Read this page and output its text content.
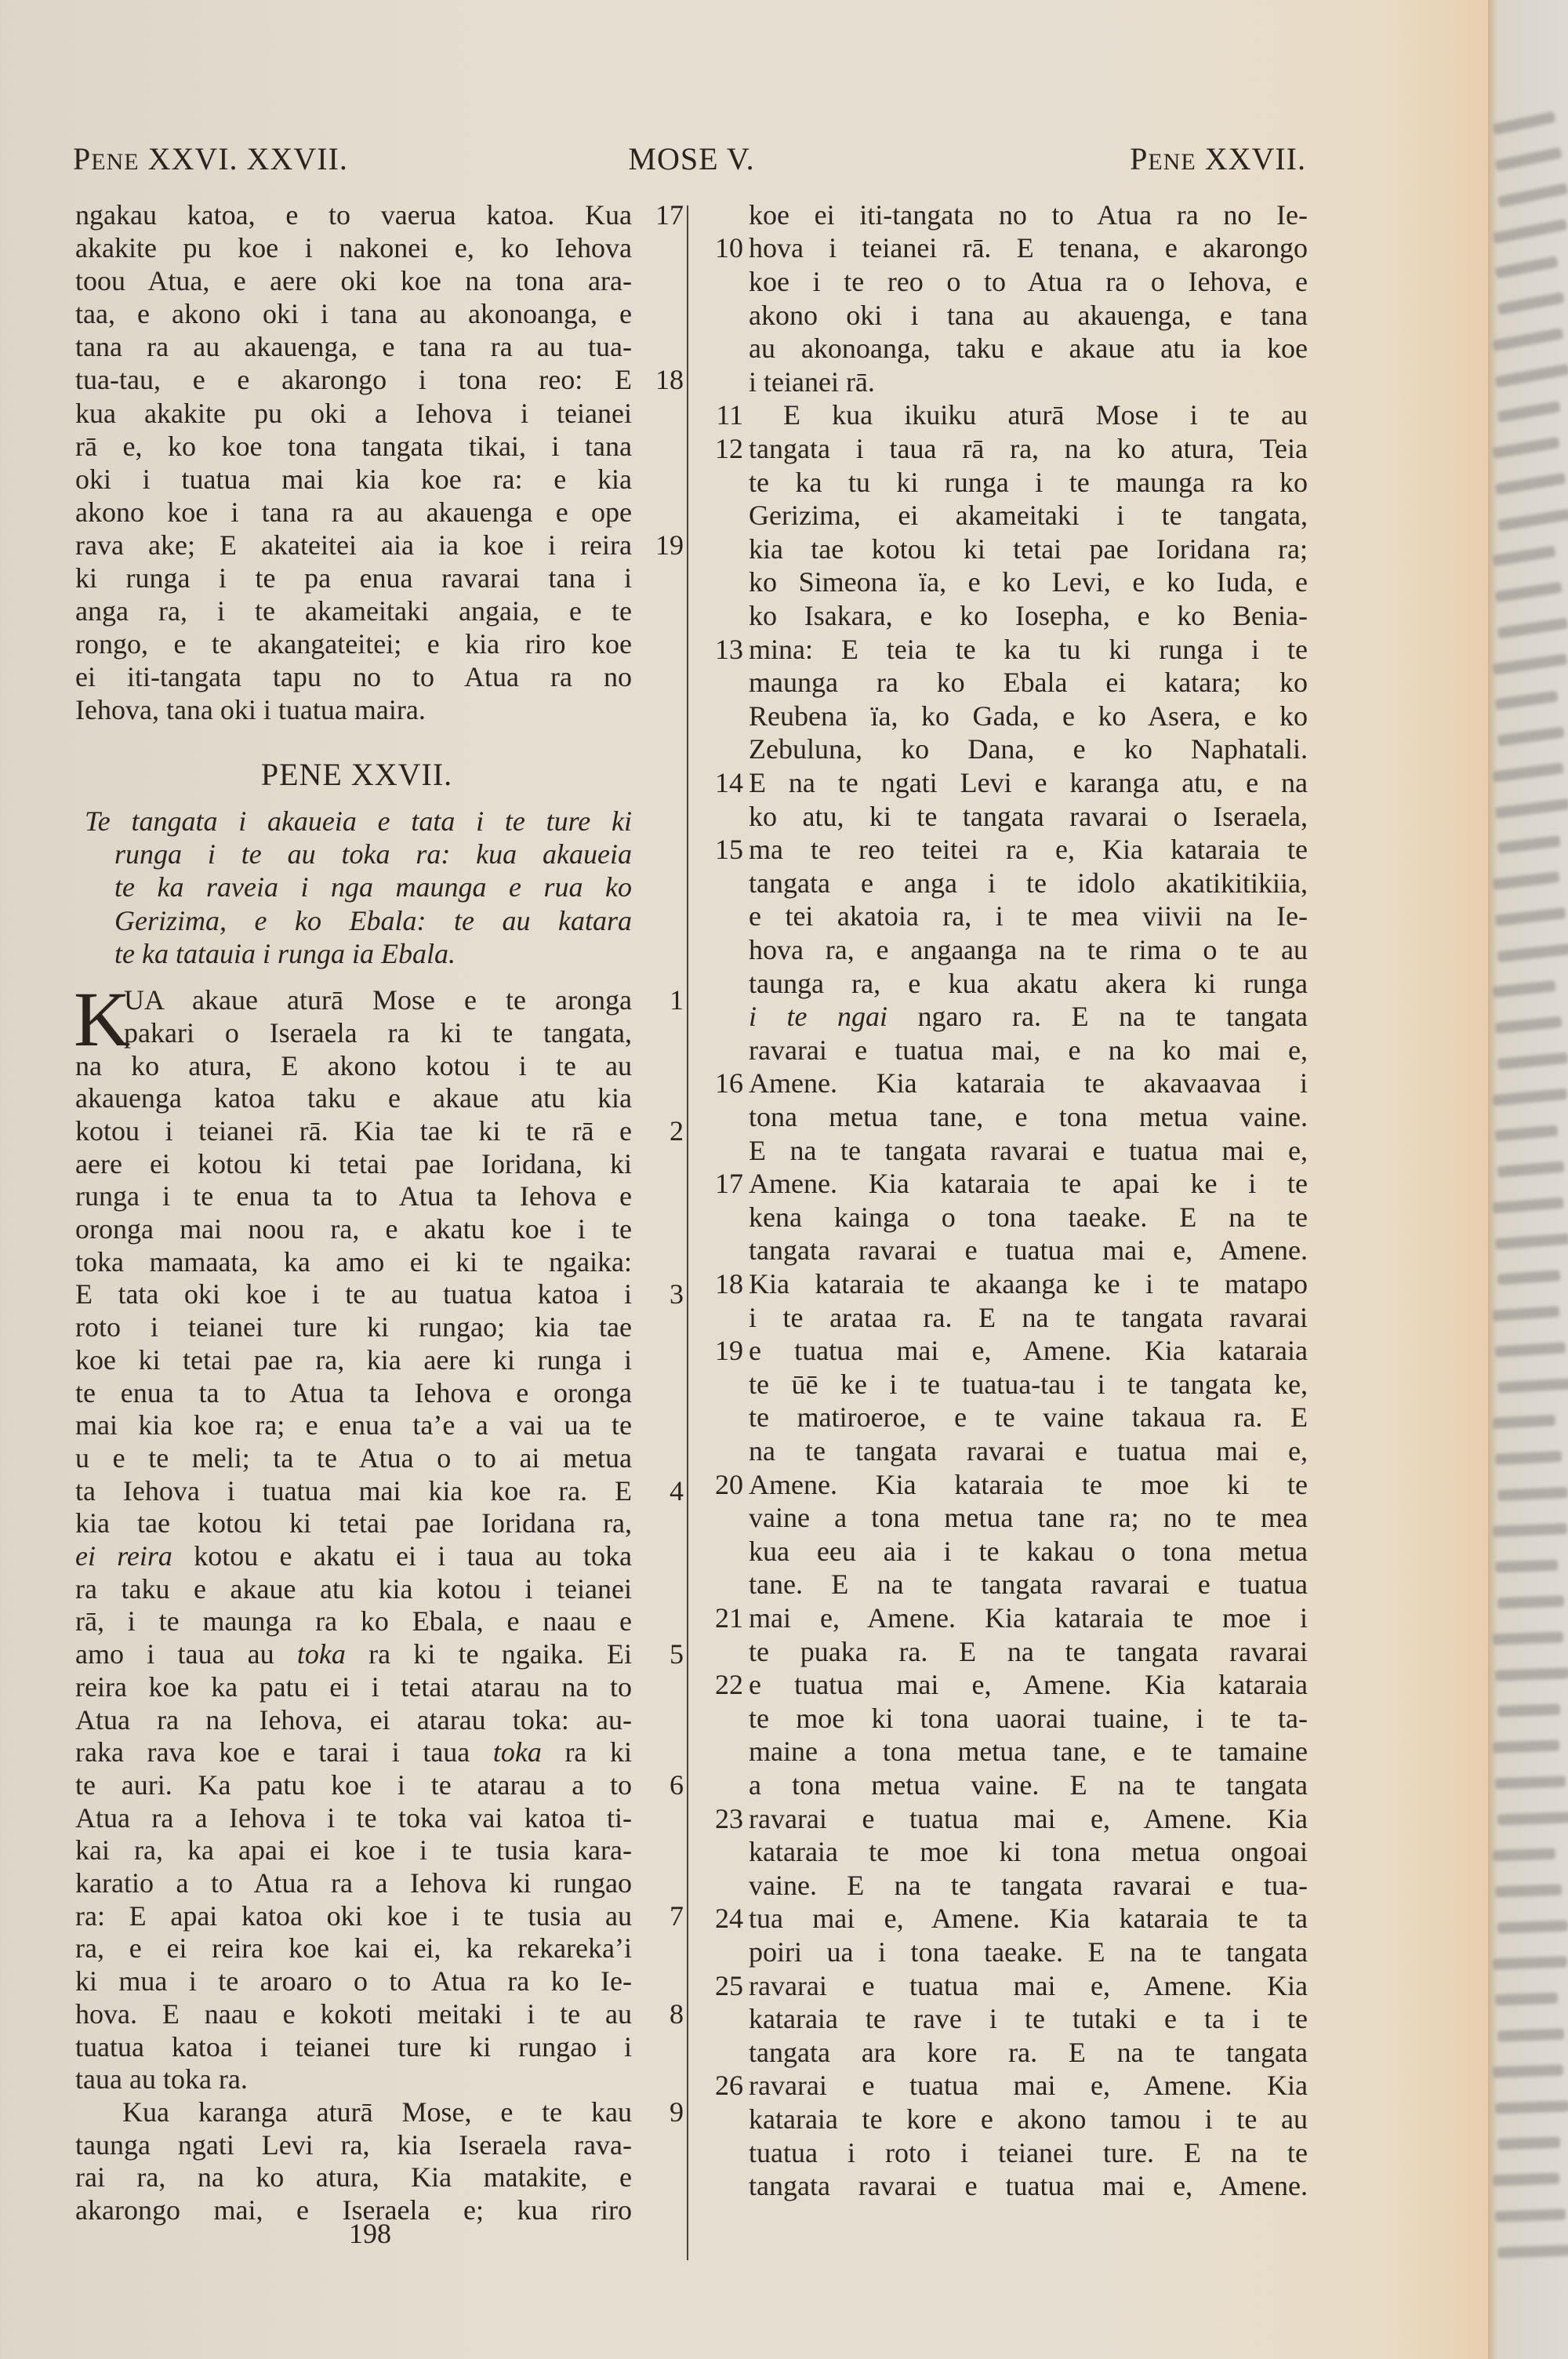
PENE XXVI. XXVII.	MOSE V.	PENE XXVII.
ngakau katoa, e to vaerua katoa. Kua 17
akakite pu koe i nakonei e, ko Iehova
toou Atua, e aere oki koe na tona ara-
taa, e akono oki i tana au akonoanga, e
tana ra au akauenga, e tana ra au tua-
tua-tau, e e akarongo i tona reo: E 18
kua akakite pu oki a Iehova i teianei
rā e, ko koe tona tangata tikai, i tana
oki i tuatua mai kia koe ra: e kia
akono koe i tana ra au akauenga e ope
rava ake; E akateitei aia ia koe i reira 19
ki runga i te pa enua ravarai tana i
anga ra, i te akameitaki angaia, e te
rongo, e te akangateitei; e kia riro koe
ei iti-tangata tapu no to Atua ra no
Iehova, tana oki i tuatua maira.
PENE XXVII.
Te tangata i akaueia e tata i te ture ki
runga i te au toka ra: kua akaueia
te ka raveia i nga maunga e rua ko
Gerizima, e ko Ebala: te au katara
te ka tatauia i runga ia Ebala.
K
UA akaue aturā Mose e te aronga	1
pakari o Iseraela ra ki te tangata,
na ko atura, E akono kotou i te au
akauenga katoa taku e akaue atu kia
kotou i teianei rā. Kia tae ki te rā e	2
aere ei kotou ki tetai pae Ioridana, ki
runga i te enua ta to Atua ta Iehova e
oronga mai noou ra, e akatu koe i te
toka mamaata, ka amo ei ki te ngaika:
E tata oki koe i te au tuatua katoa i	3
roto i teianei ture ki rungao; kia tae
koe ki tetai pae ra, kia aere ki runga i
te enua ta to Atua ta Iehova e oronga
mai kia koe ra; e enua ta’e a vai ua te
u e te meli; ta te Atua o to ai metua
ta Iehova i tuatua mai kia koe ra. E	4
kia tae kotou ki tetai pae Ioridana ra,
ei reira kotou e akatu ei i taua au toka
ra taku e akaue atu kia kotou i teianei
rā, i te maunga ra ko Ebala, e naau e
amo i taua au toka ra ki te ngaika. Ei	5
reira koe ka patu ei i tetai atarau na to
Atua ra na Iehova, ei atarau toka: au-
raka rava koe e tarai i taua toka ra ki
te auri. Ka patu koe i te atarau a to	6
Atua ra a Iehova i te toka vai katoa ti-
kai ra, ka apai ei koe i te tusia kara-
karatio a to Atua ra a Iehova ki rungao
ra: E apai katoa oki koe i te tusia au	7
ra, e ei reira koe kai ei, ka rekareka’i
ki mua i te aroaro o to Atua ra ko Ie-
hova. E naau e kokoti meitaki i te au	8
tuatua katoa i teianei ture ki rungao i
taua au toka ra.
Kua karanga aturā Mose, e te kau	9
taunga ngati Levi ra, kia Iseraela rava-
rai ra, na ko atura, Kia matakite, e
akarongo mai, e Iseraela e; kua riro
198
koe ei iti-tangata no to Atua ra no Ie-
hova i teianei rā. E tenana, e akarongo
10
koe i te reo o to Atua ra o Iehova, e
akono oki i tana au akauenga, e tana
au akonoanga, taku e akaue atu ia koe
i teianei rā.
E kua ikuiku aturā Mose i te au
11
tangata i taua rā ra, na ko atura, Teia
12
te ka tu ki runga i te maunga ra ko
Gerizima, ei akameitaki i te tangata,
kia tae kotou ki tetai pae Ioridana ra;
ko Simeona ïa, e ko Levi, e ko Iuda, e
ko Isakara, e ko Iosepha, e ko Benia-
mina: E teia te ka tu ki runga i te
13
maunga ra ko Ebala ei katara; ko
Reubena ïa, ko Gada, e ko Asera, e ko
Zebuluna, ko Dana, e ko Naphatali.
E na te ngati Levi e karanga atu, e na
14
ko atu, ki te tangata ravarai o Iseraela,
ma te reo teitei ra e, Kia kataraia te
15
tangata e anga i te idolo akatikitikiia,
e tei akatoia ra, i te mea viivii na Ie-
hova ra, e angaanga na te rima o te au
taunga ra, e kua akatu akera ki runga
i te ngai ngaro ra. E na te tangata
ravarai e tuatua mai, e na ko mai e,
Amene. Kia kataraia te akavaavaa i
16
tona metua tane, e tona metua vaine.
E na te tangata ravarai e tuatua mai e,
Amene. Kia kataraia te apai ke i te
17
kena kainga o tona taeake. E na te
tangata ravarai e tuatua mai e, Amene.
Kia kataraia te akaanga ke i te matapo
18
i te arataa ra. E na te tangata ravarai
e tuatua mai e, Amene. Kia kataraia
19
te ūē ke i te tuatua-tau i te tangata ke,
te matiroeroe, e te vaine takaua ra. E
na te tangata ravarai e tuatua mai e,
Amene. Kia kataraia te moe ki te
20
vaine a tona metua tane ra; no te mea
kua eeu aia i te kakau o tona metua
tane. E na te tangata ravarai e tuatua
mai e, Amene. Kia kataraia te moe i
21
te puaka ra. E na te tangata ravarai
e tuatua mai e, Amene. Kia kataraia
22
te moe ki tona uaorai tuaine, i te ta-
maine a tona metua tane, e te tamaine
a tona metua vaine. E na te tangata
ravarai e tuatua mai e, Amene. Kia
23
kataraia te moe ki tona metua ongoai
vaine. E na te tangata ravarai e tua-
tua mai e, Amene. Kia kataraia te ta
24
poiri ua i tona taeake. E na te tangata
ravarai e tuatua mai e, Amene. Kia
25
kataraia te rave i te tutaki e ta i te
tangata ara kore ra. E na te tangata
ravarai e tuatua mai e, Amene. Kia
26
kataraia te kore e akono tamou i te au
tuatua i roto i teianei ture. E na te
tangata ravarai e tuatua mai e, Amene.
